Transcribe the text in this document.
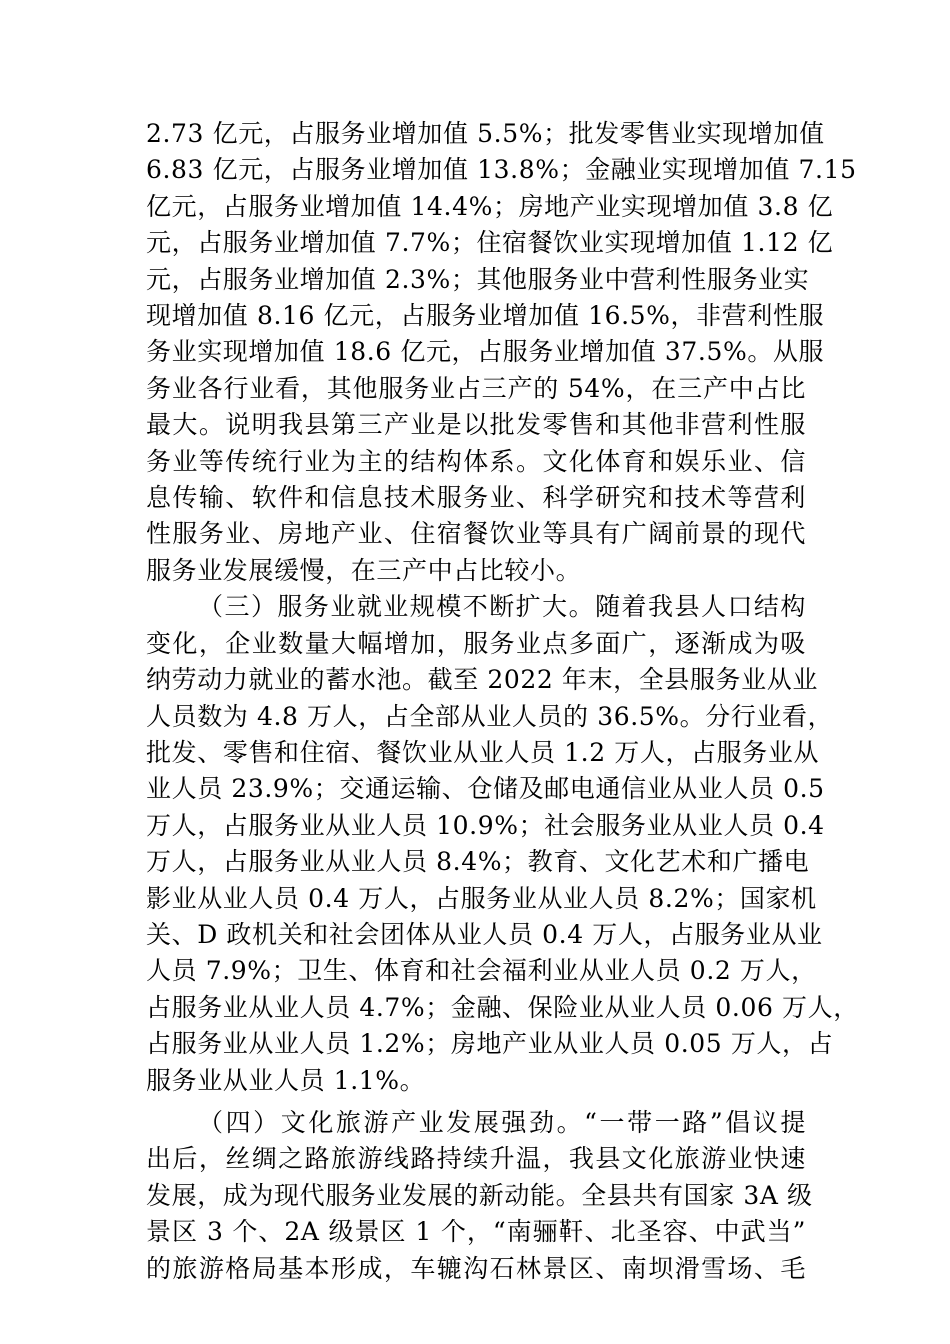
2.73 亿元，占服务业增加值 5.5%；批发零售业实现增加值
6.83 亿元，占服务业增加值 13.8%；金融业实现增加值 7.15
亿元，占服务业增加值 14.4%；房地产业实现增加值 3.8 亿
元，占服务业增加值 7.7%；住宿餐饮业实现增加值 1.12 亿
元，占服务业增加值 2.3%；其他服务业中营利性服务业实
现增加值 8.16 亿元，占服务业增加值 16.5%，非营利性服
务业实现增加值 18.6 亿元，占服务业增加值 37.5%。从服
务业各行业看，其他服务业占三产的 54%，在三产中占比
最大。说明我县第三产业是以批发零售和其他非营利性服
务业等传统行业为主的结构体系。文化体育和娱乐业、信
息传输、软件和信息技术服务业、科学研究和技术等营利
性服务业、房地产业、住宿餐饮业等具有广阔前景的现代
服务业发展缓慢，在三产中占比较小。

（三）服务业就业规模不断扩大。随着我县人口结构
变化，企业数量大幅增加，服务业点多面广，逐渐成为吸
纳劳动力就业的蓄水池。截至 2022 年末，全县服务业从业
人员数为 4.8 万人，占全部从业人员的 36.5%。分行业看，
批发、零售和住宿、餐饮业从业人员 1.2 万人，占服务业从
业人员 23.9%；交通运输、仓储及邮电通信业从业人员 0.5
万人，占服务业从业人员 10.9%；社会服务业从业人员 0.4
万人，占服务业从业人员 8.4%；教育、文化艺术和广播电
影业从业人员 0.4 万人，占服务业从业人员 8.2%；国家机
关、D 政机关和社会团体从业人员 0.4 万人，占服务业从业
人员 7.9%；卫生、体育和社会福利业从业人员 0.2 万人，
占服务业从业人员 4.7%；金融、保险业从业人员 0.06 万人，
占服务业从业人员 1.2%；房地产业从业人员 0.05 万人，占
服务业从业人员 1.1%。

（四）文化旅游产业发展强劲。“一带一路”倡议提
出后，丝绸之路旅游线路持续升温，我县文化旅游业快速
发展，成为现代服务业发展的新动能。全县共有国家 3A 级
景区 3 个、2A 级景区 1 个，“南骊靬、北圣容、中武当”
的旅游格局基本形成，车辘沟石林景区、南坝滑雪场、毛
